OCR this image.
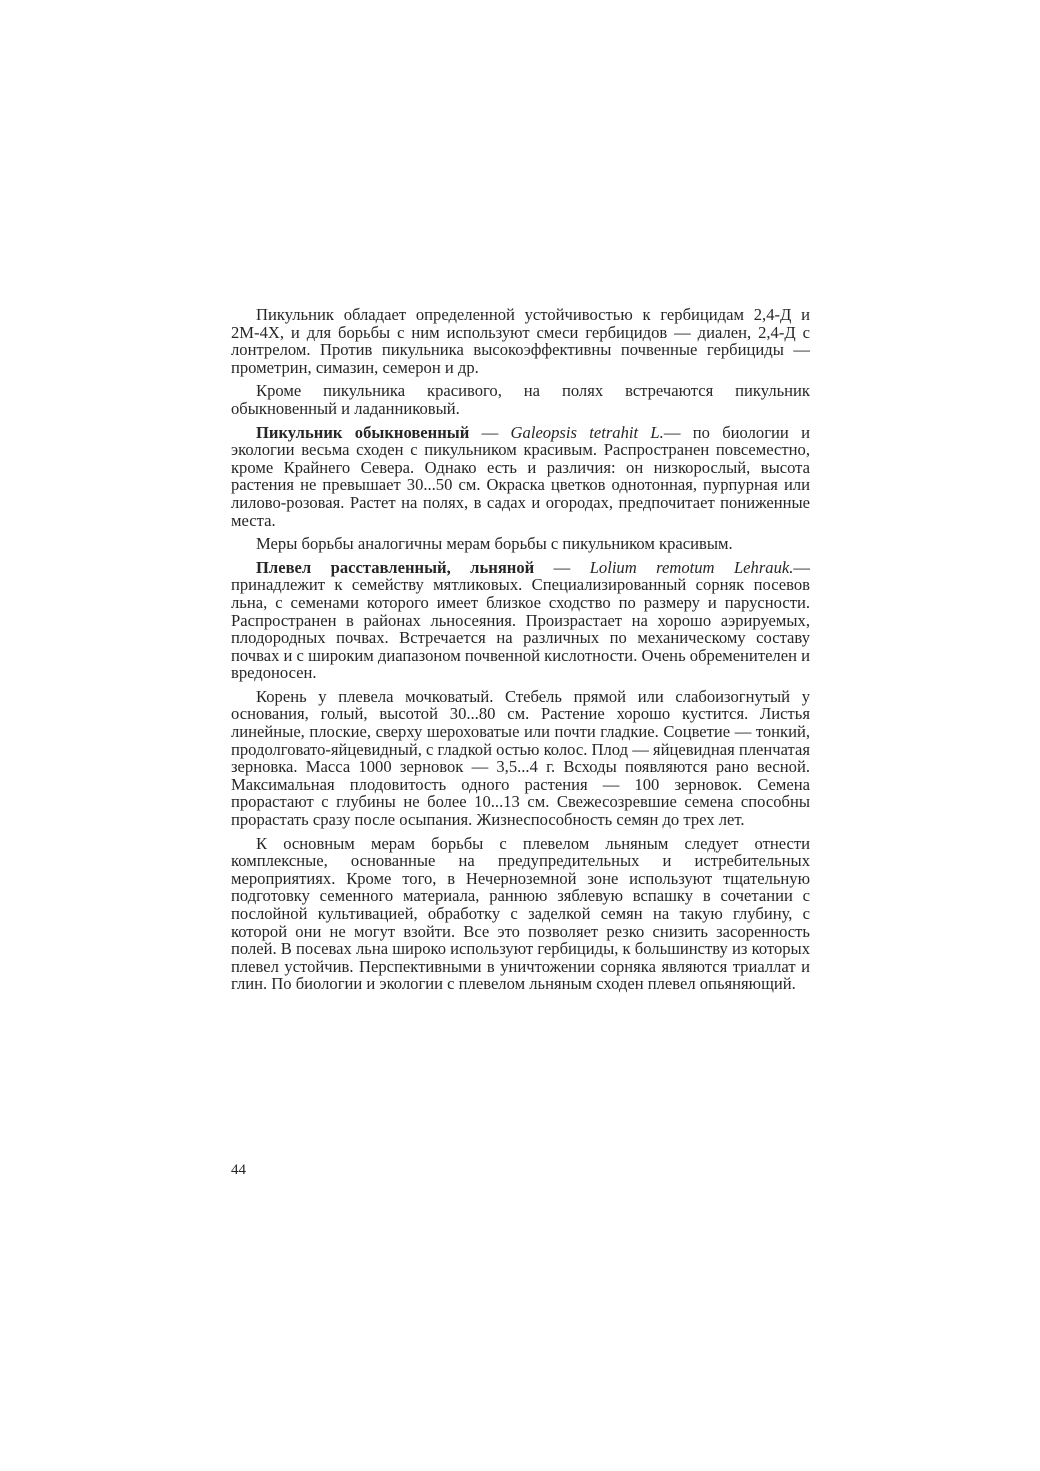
Пикульник обладает определенной устойчивостью к гербицидам 2,4-Д и 2М-4Х, и для борьбы с ним используют смеси гербицидов — диален, 2,4-Д с лонтрелом. Против пикульника высокоэффективны почвенные гербициды — прометрин, симазин, семерон и др.

Кроме пикульника красивого, на полях встречаются пикульник обыкновенный и ладанниковый.

Пикульник обыкновенный — Galeopsis tetrahit L.— по биологии и экологии весьма сходен с пикульником красивым. Распространен повсеместно, кроме Крайнего Севера. Однако есть и различия: он низкорослый, высота растения не превышает 30...50 см. Окраска цветков однотонная, пурпурная или лилово-розовая. Растет на полях, в садах и огородах, предпочитает пониженные места.

Меры борьбы аналогичны мерам борьбы с пикульником красивым.

Плевел расставленный, льняной — Lolium remotum Lehrauk.— принадлежит к семейству мятликовых. Специализированный сорняк посевов льна, с семенами которого имеет близкое сходство по размеру и парусности. Распространен в районах льносеяния. Произрастает на хорошо аэрируемых, плодородных почвах. Встречается на различных по механическому составу почвах и с широким диапазоном почвенной кислотности. Очень обременителен и вредоносен.

Корень у плевела мочковатый. Стебель прямой или слабоизогнутый у основания, голый, высотой 30...80 см. Растение хорошо кустится. Листья линейные, плоские, сверху шероховатые или почти гладкие. Соцветие — тонкий, продолговато-яйцевидный, с гладкой остью колос. Плод — яйцевидная пленчатая зерновка. Масса 1000 зерновок — 3,5...4 г. Всходы появляются рано весной. Максимальная плодовитость одного растения — 100 зерновок. Семена прорастают с глубины не более 10...13 см. Свежесозревшие семена способны прорастать сразу после осыпания. Жизнеспособность семян до трех лет.

К основным мерам борьбы с плевелом льняным следует отнести комплексные, основанные на предупредительных и истребительных мероприятиях. Кроме того, в Нечерноземной зоне используют тщательную подготовку семенного материала, раннюю зяблевую вспашку в сочетании с послойной культивацией, обработку с заделкой семян на такую глубину, с которой они не могут взойти. Все это позволяет резко снизить засоренность полей. В посевах льна широко используют гербициды, к большинству из которых плевел устойчив. Перспективными в уничтожении сорняка являются триаллат и глин. По биологии и экологии с плевелом льняным сходен плевел опьяняющий.

44
